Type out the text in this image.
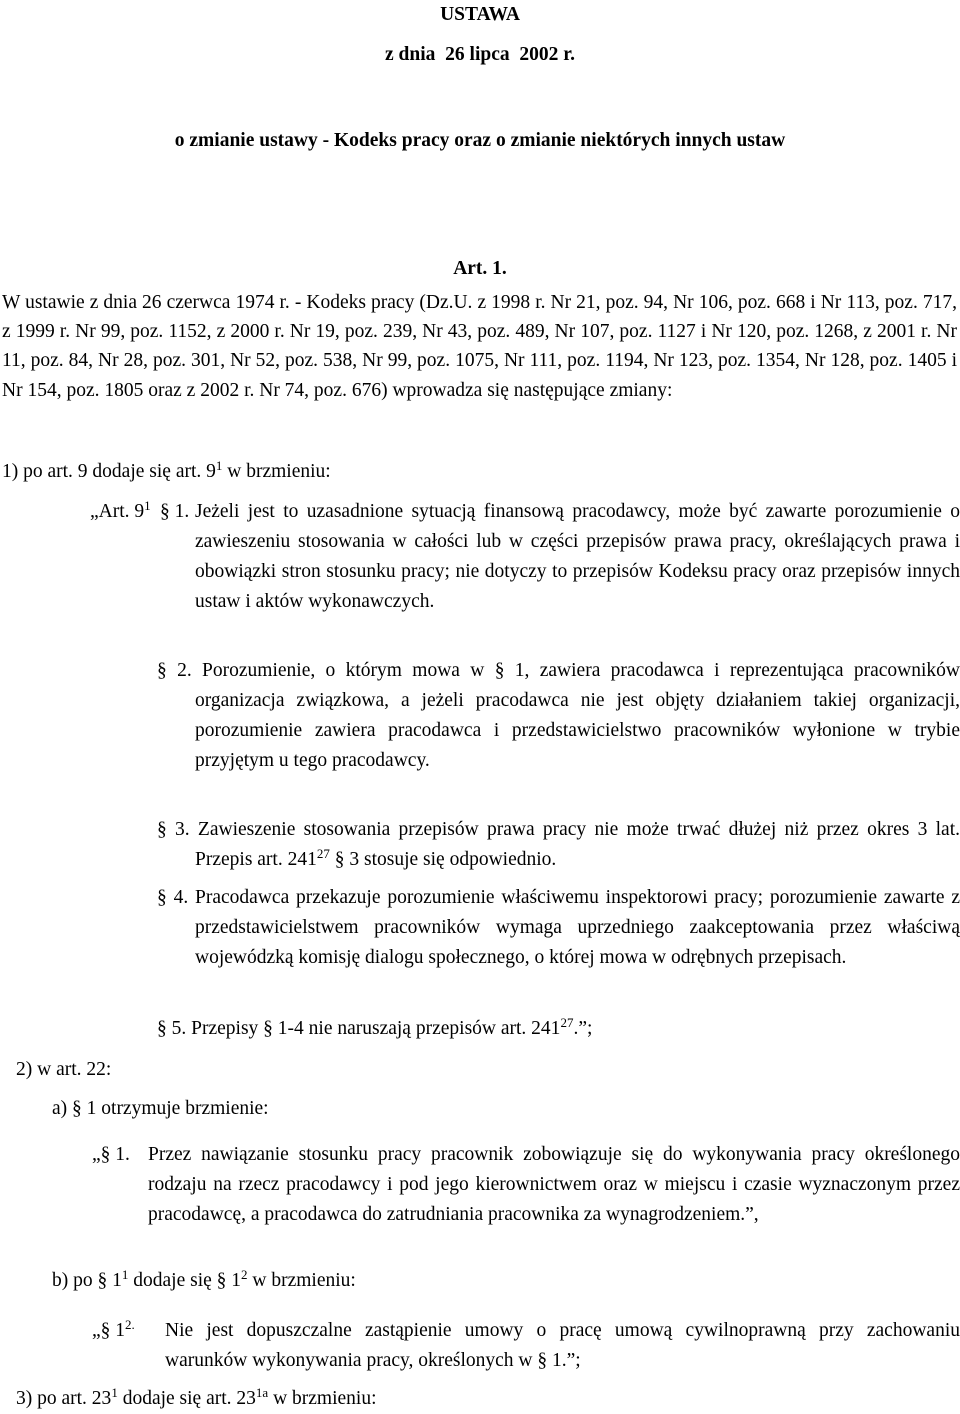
USTAWA
z dnia  26 lipca  2002 r.
o zmianie ustawy - Kodeks pracy oraz o zmianie niektórych innych ustaw
Art. 1.
W ustawie z dnia 26 czerwca 1974 r. - Kodeks pracy (Dz.U. z 1998 r. Nr 21, poz. 94, Nr 106, poz. 668 i Nr 113, poz. 717, z 1999 r. Nr 99, poz. 1152, z 2000 r. Nr 19, poz. 239, Nr 43, poz. 489, Nr 107, poz. 1127 i Nr 120, poz. 1268, z 2001 r. Nr 11, poz. 84, Nr 28, poz. 301, Nr 52, poz. 538, Nr 99, poz. 1075, Nr 111, poz. 1194, Nr 123, poz. 1354, Nr 128, poz. 1405 i Nr 154, poz. 1805 oraz z 2002 r. Nr 74, poz. 676) wprowadza się następujące zmiany:
1) po art. 9 dodaje się art. $9^1$ w brzmieniu:
„Art. $9^1$ § 1. Jeżeli jest to uzasadnione sytuacją finansową pracodawcy, może być zawarte porozumienie o zawieszeniu stosowania w całości lub w części przepisów prawa pracy, określających prawa i obowiązki stron stosunku pracy; nie dotyczy to przepisów Kodeksu pracy oraz przepisów innych ustaw i aktów wykonawczych.
§ 2. Porozumienie, o którym mowa w § 1, zawiera pracodawca i reprezentująca pracowników organizacja związkowa, a jeżeli pracodawca nie jest objęty działaniem takiej organizacji, porozumienie zawiera pracodawca i przedstawicielstwo pracowników wyłonione w trybie przyjętym u tego pracodawcy.
§ 3. Zawieszenie stosowania przepisów prawa pracy nie może trwać dłużej niż przez okres 3 lat. Przepis art. $241^{27}$ § 3 stosuje się odpowiednio.
§ 4. Pracodawca przekazuje porozumienie właściwemu inspektorowi pracy; porozumienie zawarte z przedstawicielstwem pracowników wymaga uprzedniego zaakceptowania przez właściwą wojewódzką komisję dialogu społecznego, o której mowa w odrębnych przepisach.
§ 5. Przepisy § 1-4 nie naruszają przepisów art. $241^{27}$.”;
2) w art. 22:
a) § 1 otrzymuje brzmienie:
„§ 1. Przez nawiązanie stosunku pracy pracownik zobowiązuje się do wykonywania pracy określonego rodzaju na rzecz pracodawcy i pod jego kierownictwem oraz w miejscu i czasie wyznaczonym przez pracodawcę, a pracodawca do zatrudniania pracownika za wynagrodzeniem.”,
b) po § $1^1$ dodaje się § $1^2$ w brzmieniu:
„§ $1^{2.}$ Nie jest dopuszczalne zastąpienie umowy o pracę umową cywilnoprawną przy zachowaniu warunków wykonywania pracy, określonych w § 1.”;
3) po art. $23^1$ dodaje się art. $23^{1a}$ w brzmieniu:
